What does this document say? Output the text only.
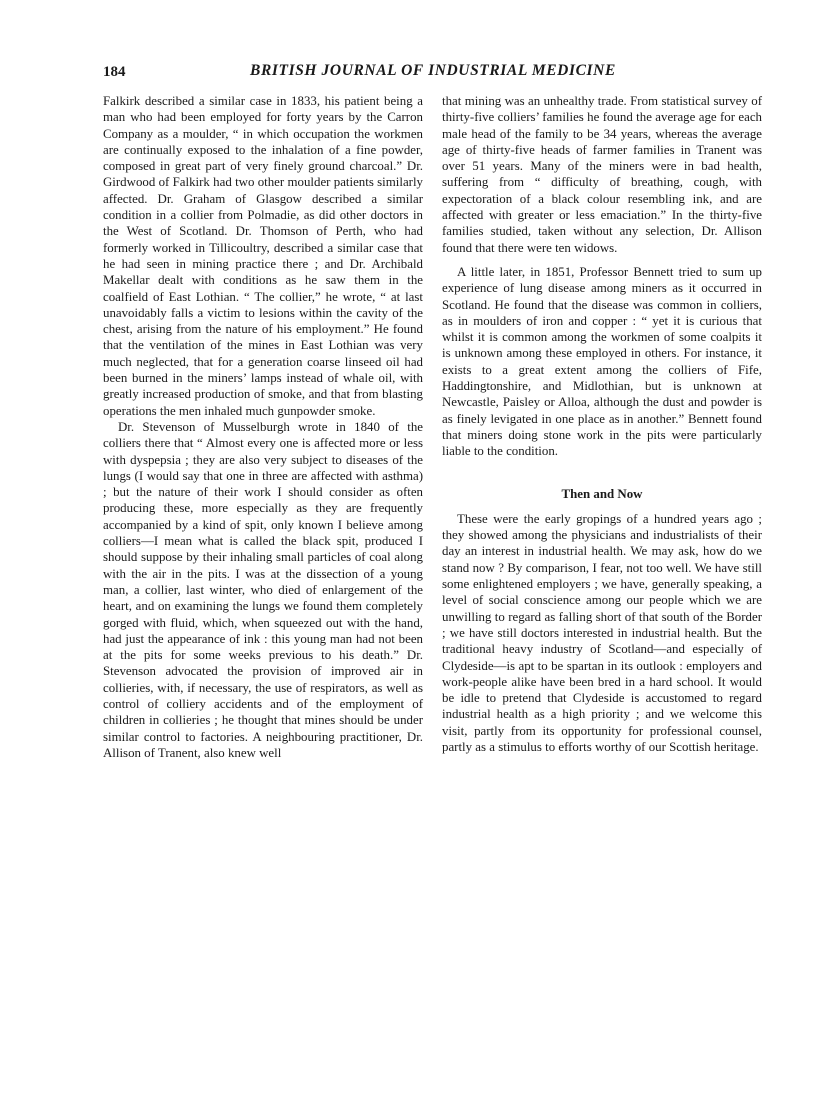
184	BRITISH JOURNAL OF INDUSTRIAL MEDICINE

Falkirk described a similar case in 1833, his patient being a man who had been employed for forty years by the Carron Company as a moulder, “ in which occupation the workmen are continually exposed to the inhalation of a fine powder, composed in great part of very finely ground charcoal.” Dr. Girdwood of Falkirk had two other moulder patients similarly affected. Dr. Graham of Glasgow described a similar condition in a collier from Polmadie, as did other doctors in the West of Scotland. Dr. Thomson of Perth, who had formerly worked in Tillicoultry, described a similar case that he had seen in mining practice there ; and Dr. Archibald Makellar dealt with conditions as he saw them in the coalfield of East Lothian. “ The collier,” he wrote, “ at last unavoidably falls a victim to lesions within the cavity of the chest, arising from the nature of his employment.” He found that the ventilation of the mines in East Lothian was very much neglected, that for a generation coarse linseed oil had been burned in the miners’ lamps instead of whale oil, with greatly increased production of smoke, and that from blasting operations the men inhaled much gunpowder smoke.

Dr. Stevenson of Musselburgh wrote in 1840 of the colliers there that “ Almost every one is affected more or less with dyspepsia ; they are also very subject to diseases of the lungs (I would say that one in three are affected with asthma) ; but the nature of their work I should consider as often producing these, more especially as they are frequently accompanied by a kind of spit, only known I believe among colliers—I mean what is called the black spit, produced I should suppose by their inhaling small particles of coal along with the air in the pits. I was at the dissection of a young man, a collier, last winter, who died of enlargement of the heart, and on examining the lungs we found them completely gorged with fluid, which, when squeezed out with the hand, had just the appearance of ink : this young man had not been at the pits for some weeks previous to his death.” Dr. Stevenson advocated the provision of improved air in collieries, with, if necessary, the use of respirators, as well as control of colliery accidents and of the employment of children in collieries ; he thought that mines should be under similar control to factories. A neighbouring practitioner, Dr. Allison of Tranent, also knew well

that mining was an unhealthy trade. From statistical survey of thirty-five colliers’ families he found the average age for each male head of the family to be 34 years, whereas the average age of thirty-five heads of farmer families in Tranent was over 51 years. Many of the miners were in bad health, suffering from “ difficulty of breathing, cough, with expectoration of a black colour resembling ink, and are affected with greater or less emaciation.” In the thirty-five families studied, taken without any selection, Dr. Allison found that there were ten widows.

A little later, in 1851, Professor Bennett tried to sum up experience of lung disease among miners as it occurred in Scotland. He found that the disease was common in colliers, as in moulders of iron and copper : “ yet it is curious that whilst it is common among the workmen of some coalpits it is unknown among these employed in others. For instance, it exists to a great extent among the colliers of Fife, Haddingtonshire, and Midlothian, but is unknown at Newcastle, Paisley or Alloa, although the dust and powder is as finely levigated in one place as in another.” Bennett found that miners doing stone work in the pits were particularly liable to the condition.

Then and Now

These were the early gropings of a hundred years ago ; they showed among the physicians and industrialists of their day an interest in industrial health. We may ask, how do we stand now ? By comparison, I fear, not too well. We have still some enlightened employers ; we have, generally speaking, a level of social conscience among our people which we are unwilling to regard as falling short of that south of the Border ; we have still doctors interested in industrial health. But the traditional heavy industry of Scotland—and especially of Clydeside—is apt to be spartan in its outlook : employers and work-people alike have been bred in a hard school. It would be idle to pretend that Clydeside is accustomed to regard industrial health as a high priority ; and we welcome this visit, partly from its opportunity for professional counsel, partly as a stimulus to efforts worthy of our Scottish heritage.
